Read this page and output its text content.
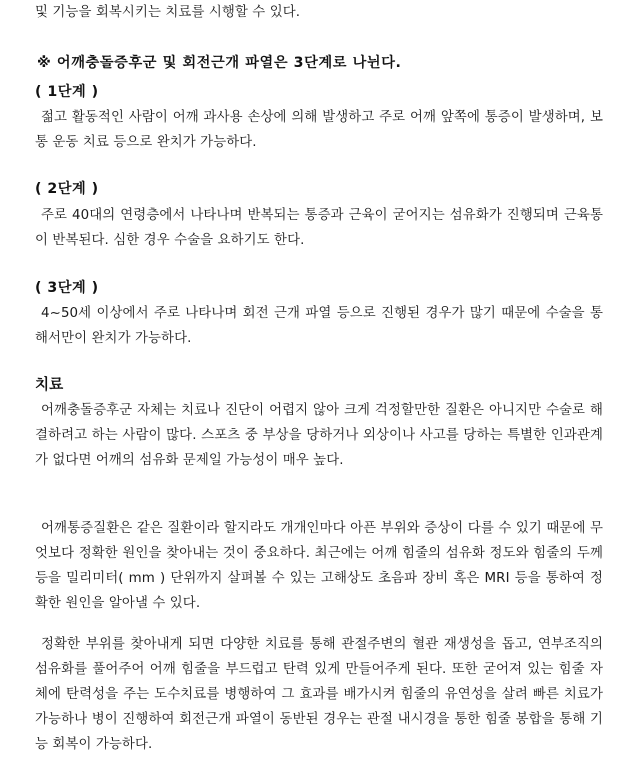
및 기능을 회복시키는 치료를 시행할 수 있다.

※ 어깨충돌증후군 및 회전근개 파열은 3단계로 나뉜다.

( 1단계 )

젊고 활동적인 사람이 어깨 과사용 손상에 의해 발생하고 주로 어깨 앞쪽에 통증이 발생하며, 보통 운동 치료 등으로 완치가 가능하다.

( 2단계 )

주로 40대의 연령층에서 나타나며 반복되는 통증과 근육이 굳어지는 섬유화가 진행되며 근육통이 반복된다. 심한 경우 수술을 요하기도 한다.

( 3단계 )

4~50세 이상에서 주로 나타나며 회전 근개 파열 등으로 진행된 경우가 많기 때문에 수술을 통해서만이 완치가 가능하다.

치료

어깨충돌증후군 자체는 치료나 진단이 어렵지 않아 크게 걱정할만한 질환은 아니지만 수술로 해결하려고 하는 사람이 많다. 스포츠 중 부상을 당하거나 외상이나 사고를 당하는 특별한 인과관계가 없다면 어깨의 섬유화 문제일 가능성이 매우 높다.

어깨통증질환은 같은 질환이라 할지라도 개개인마다 아픈 부위와 증상이 다를 수 있기 때문에 무엇보다 정확한 원인을 찾아내는 것이 중요하다. 최근에는 어깨 힘줄의 섬유화 정도와 힘줄의 두께 등을 밀리미터( mm ) 단위까지 살펴볼 수 있는 고해상도 초음파 장비 혹은 MRI 등을 통하여 정확한 원인을 알아낼 수 있다.

정확한 부위를 찾아내게 되면 다양한 치료를 통해 관절주변의 혈관 재생성을 돕고, 연부조직의 섬유화를 풀어주어 어깨 힘줄을 부드럽고 탄력 있게 만들어주게 된다. 또한 굳어져 있는 힘줄 자체에 탄력성을 주는 도수치료를 병행하여 그 효과를 배가시켜 힘줄의 유연성을 살려 빠른 치료가 가능하나 병이 진행하여 회전근개 파열이 동반된 경우는 관절 내시경을 통한 힘줄 봉합을 통해 기능 회복이 가능하다.
